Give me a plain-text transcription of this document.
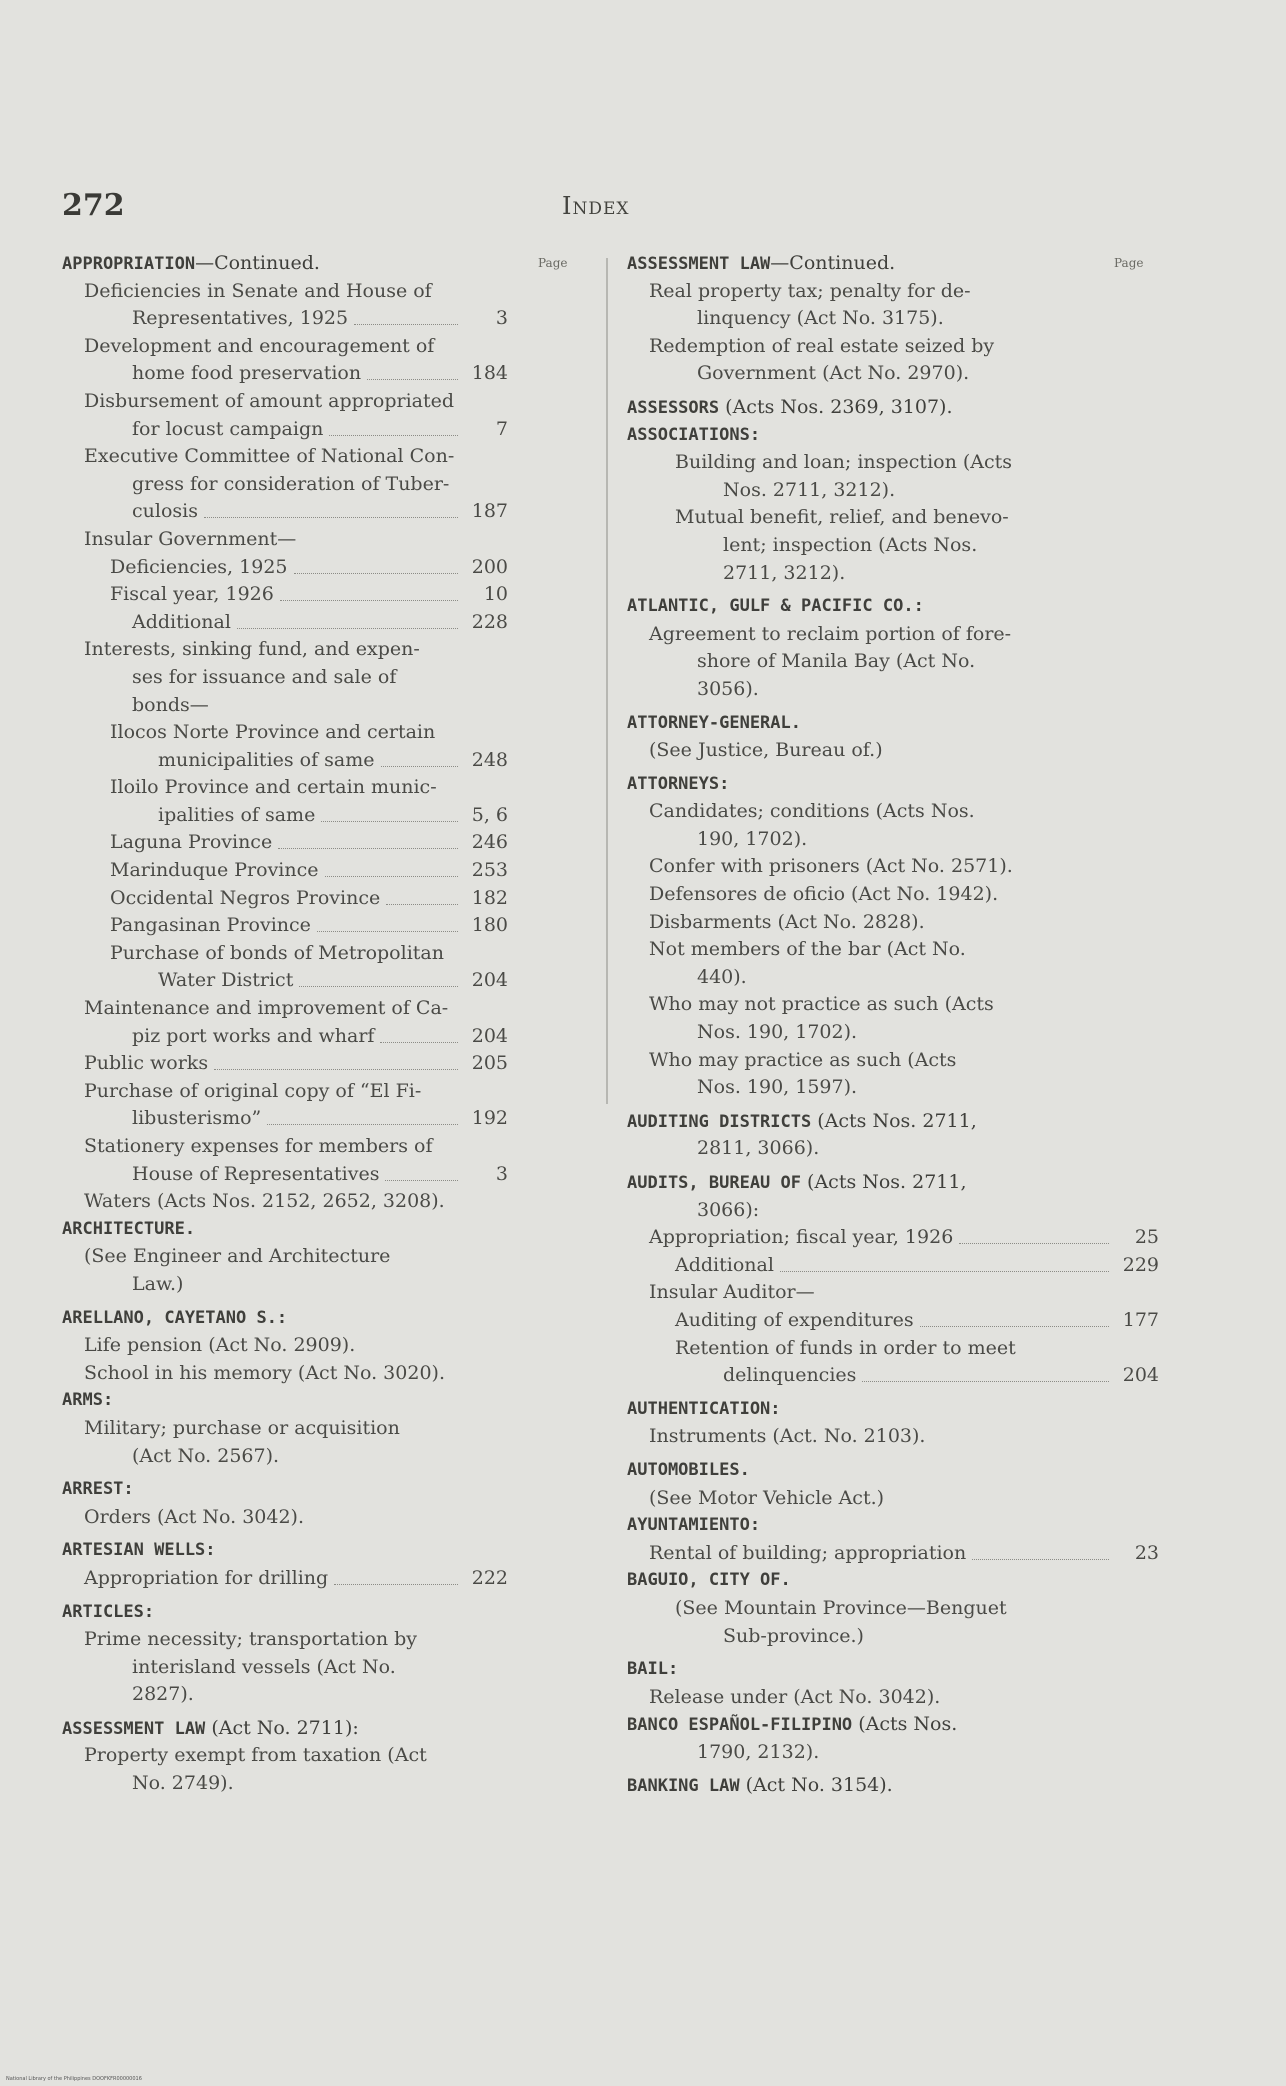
272	Index
Page	Page
APPROPRIATION—Continued.
Deficiencies in Senate and House of
Representatives, 1925	3
Development and encouragement of
home food preservation	184
Disbursement of amount appropriated
for locust campaign	7
Executive Committee of National Con-
gress for consideration of Tuber-
culosis	187
Insular Government—
Deficiencies, 1925	200
Fiscal year, 1926	10
Additional	228
Interests, sinking fund, and expen-
ses for issuance and sale of
bonds—
Ilocos Norte Province and certain
municipalities of same	248
Iloilo Province and certain munic-
ipalities of same	5, 6
Laguna Province	246
Marinduque Province	253
Occidental Negros Province	182
Pangasinan Province	180
Purchase of bonds of Metropolitan
Water District	204
Maintenance and improvement of Ca-
piz port works and wharf	204
Public works	205
Purchase of original copy of “El Fi-
libusterismo”	192
Stationery expenses for members of
House of Representatives	3
Waters (Acts Nos. 2152, 2652, 3208).
ARCHITECTURE.
(See Engineer and Architecture
Law.)
ARELLANO, CAYETANO S.:
Life pension (Act No. 2909).
School in his memory (Act No. 3020).
ARMS:
Military; purchase or acquisition
(Act No. 2567).
ARREST:
Orders (Act No. 3042).
ARTESIAN WELLS:
Appropriation for drilling	222
ARTICLES:
Prime necessity; transportation by
interisland vessels (Act No.
2827).
ASSESSMENT LAW (Act No. 2711):
Property exempt from taxation (Act
No. 2749).
ASSESSMENT LAW—Continued.
Real property tax; penalty for de-
linquency (Act No. 3175).
Redemption of real estate seized by
Government (Act No. 2970).
ASSESSORS (Acts Nos. 2369, 3107).
ASSOCIATIONS:
Building and loan; inspection (Acts
Nos. 2711, 3212).
Mutual benefit, relief, and benevo-
lent; inspection (Acts Nos.
2711, 3212).
ATLANTIC, GULF & PACIFIC CO.:
Agreement to reclaim portion of fore-
shore of Manila Bay (Act No.
3056).
ATTORNEY-GENERAL.
(See Justice, Bureau of.)
ATTORNEYS:
Candidates; conditions (Acts Nos.
190, 1702).
Confer with prisoners (Act No. 2571).
Defensores de oficio (Act No. 1942).
Disbarments (Act No. 2828).
Not members of the bar (Act No.
440).
Who may not practice as such (Acts
Nos. 190, 1702).
Who may practice as such (Acts
Nos. 190, 1597).
AUDITING DISTRICTS (Acts Nos. 2711,
2811, 3066).
AUDITS, BUREAU OF (Acts Nos. 2711,
3066):
Appropriation; fiscal year, 1926	25
Additional	229
Insular Auditor—
Auditing of expenditures	177
Retention of funds in order to meet
delinquencies	204
AUTHENTICATION:
Instruments (Act. No. 2103).
AUTOMOBILES.
(See Motor Vehicle Act.)
AYUNTAMIENTO:
Rental of building; appropriation	23
BAGUIO, CITY OF.
(See Mountain Province—Benguet
Sub-province.)
BAIL:
Release under (Act No. 3042).
BANCO ESPAÑOL-FILIPINO (Acts Nos.
1790, 2132).
BANKING LAW (Act No. 3154).
National Library of the Philippines DOOFKFR00000016
